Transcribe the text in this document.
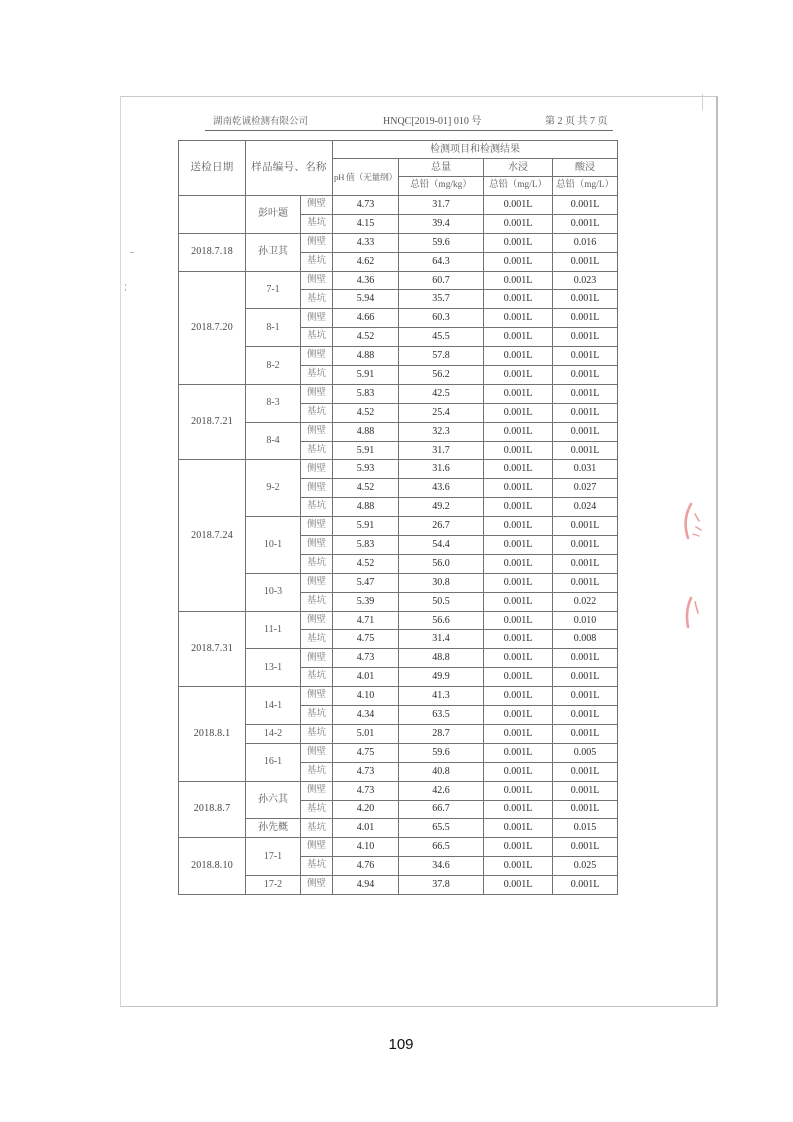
湖南乾诚检测有限公司	HNQC[2019-01] 010 号	第 2 页 共 7 页
送检日期	样品编号、名称		检测项目和检测结果			
			pH 值（无量纲）	总量	水浸	酸浸
				总铅（mg/kg）	总铅（mg/L）	总铅（mg/L）
	彭叶题	侧壁	4.73	31.7	0.001L	0.001L
		基坑	4.15	39.4	0.001L	0.001L
2018.7.18	孙卫其	侧壁	4.33	59.6	0.001L	0.016
		基坑	4.62	64.3	0.001L	0.001L
2018.7.20	7-1	侧壁	4.36	60.7	0.001L	0.023
		基坑	5.94	35.7	0.001L	0.001L
	8-1	侧壁	4.66	60.3	0.001L	0.001L
		基坑	4.52	45.5	0.001L	0.001L
	8-2	侧壁	4.88	57.8	0.001L	0.001L
		基坑	5.91	56.2	0.001L	0.001L
2018.7.21	8-3	侧壁	5.83	42.5	0.001L	0.001L
		基坑	4.52	25.4	0.001L	0.001L
	8-4	侧壁	4.88	32.3	0.001L	0.001L
		基坑	5.91	31.7	0.001L	0.001L
2018.7.24	9-2	侧壁	5.93	31.6	0.001L	0.031
		侧壁	4.52	43.6	0.001L	0.027
		基坑	4.88	49.2	0.001L	0.024
	10-1	侧壁	5.91	26.7	0.001L	0.001L
		侧壁	5.83	54.4	0.001L	0.001L
		基坑	4.52	56.0	0.001L	0.001L
	10-3	侧壁	5.47	30.8	0.001L	0.001L
		基坑	5.39	50.5	0.001L	0.022
2018.7.31	11-1	侧壁	4.71	56.6	0.001L	0.010
		基坑	4.75	31.4	0.001L	0.008
	13-1	侧壁	4.73	48.8	0.001L	0.001L
		基坑	4.01	49.9	0.001L	0.001L
2018.8.1	14-1	侧壁	4.10	41.3	0.001L	0.001L
		基坑	4.34	63.5	0.001L	0.001L
	14-2	基坑	5.01	28.7	0.001L	0.001L
	16-1	侧壁	4.75	59.6	0.001L	0.005
		基坑	4.73	40.8	0.001L	0.001L
2018.8.7	孙六其	侧壁	4.73	42.6	0.001L	0.001L
		基坑	4.20	66.7	0.001L	0.001L
	孙先概	基坑	4.01	65.5	0.001L	0.015
2018.8.10	17-1	侧壁	4.10	66.5	0.001L	0.001L
		基坑	4.76	34.6	0.001L	0.025
	17-2	侧壁	4.94	37.8	0.001L	0.001L
109
